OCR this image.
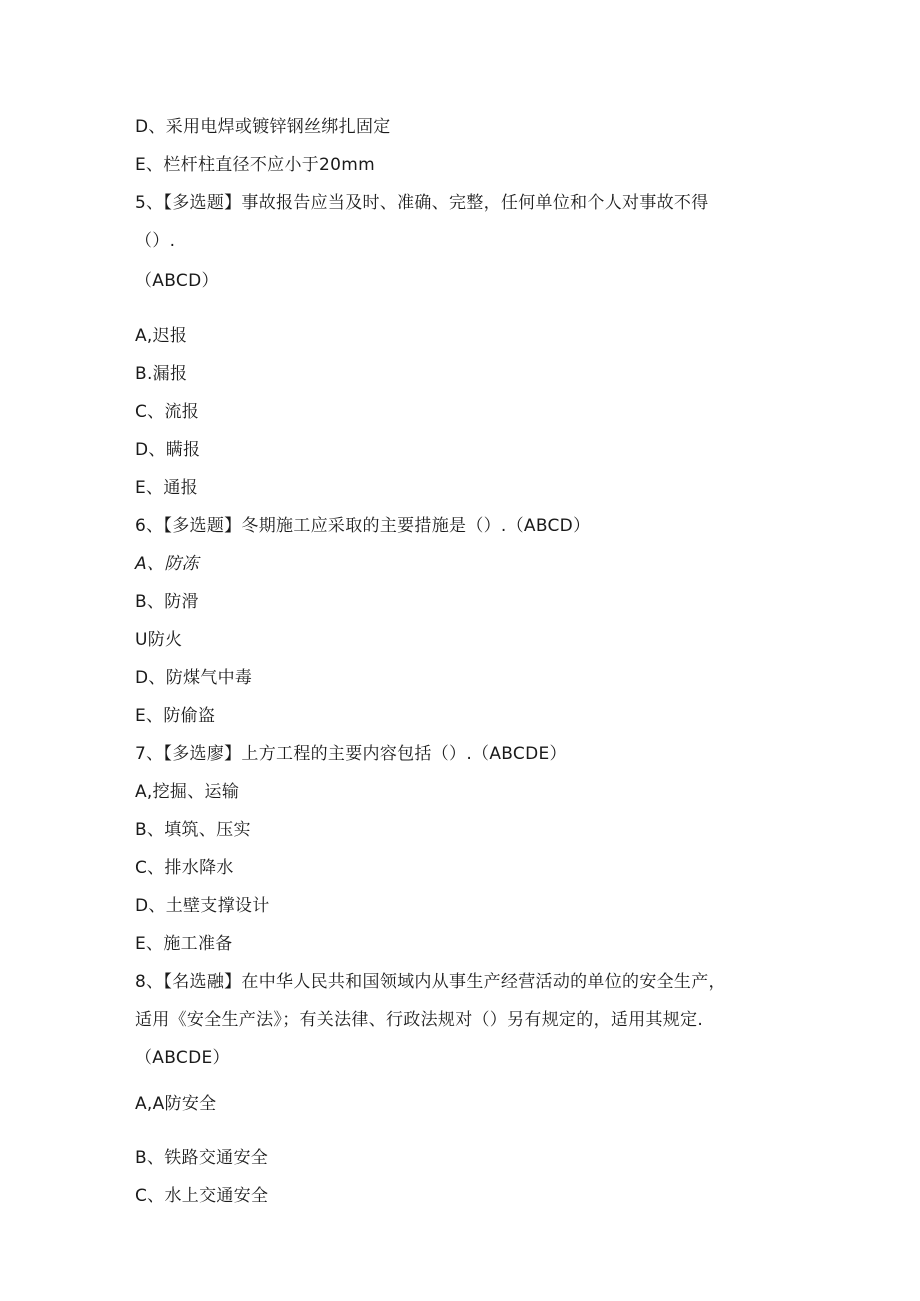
D、采用电焊或镀锌钢丝绑扎固定

E、栏杆柱直径不应小于20mm

5、【多选题】事故报告应当及时、准确、完整，任何单位和个人对事故不得

（）.

（ABCD）

A,迟报

B.漏报

C、流报

D、瞒报

E、通报

6、【多选题】冬期施工应采取的主要措施是（）.（ABCD）

A、防冻

B、防滑

U防火

D、防煤气中毒

E、防偷盗

7、【多选廖】上方工程的主要内容包括（）.（ABCDE）

A,挖掘、运输

B、填筑、压实

C、排水降水

D、土壁支撑设计

E、施工准备

8、【名选融】在中华人民共和国领域内从事生产经营活动的单位的安全生产，

适用《安全生产法》；有关法律、行政法规对（）另有规定的，适用其规定.

（ABCDE）

A,A防安全

B、铁路交通安全

C、水上交通安全
